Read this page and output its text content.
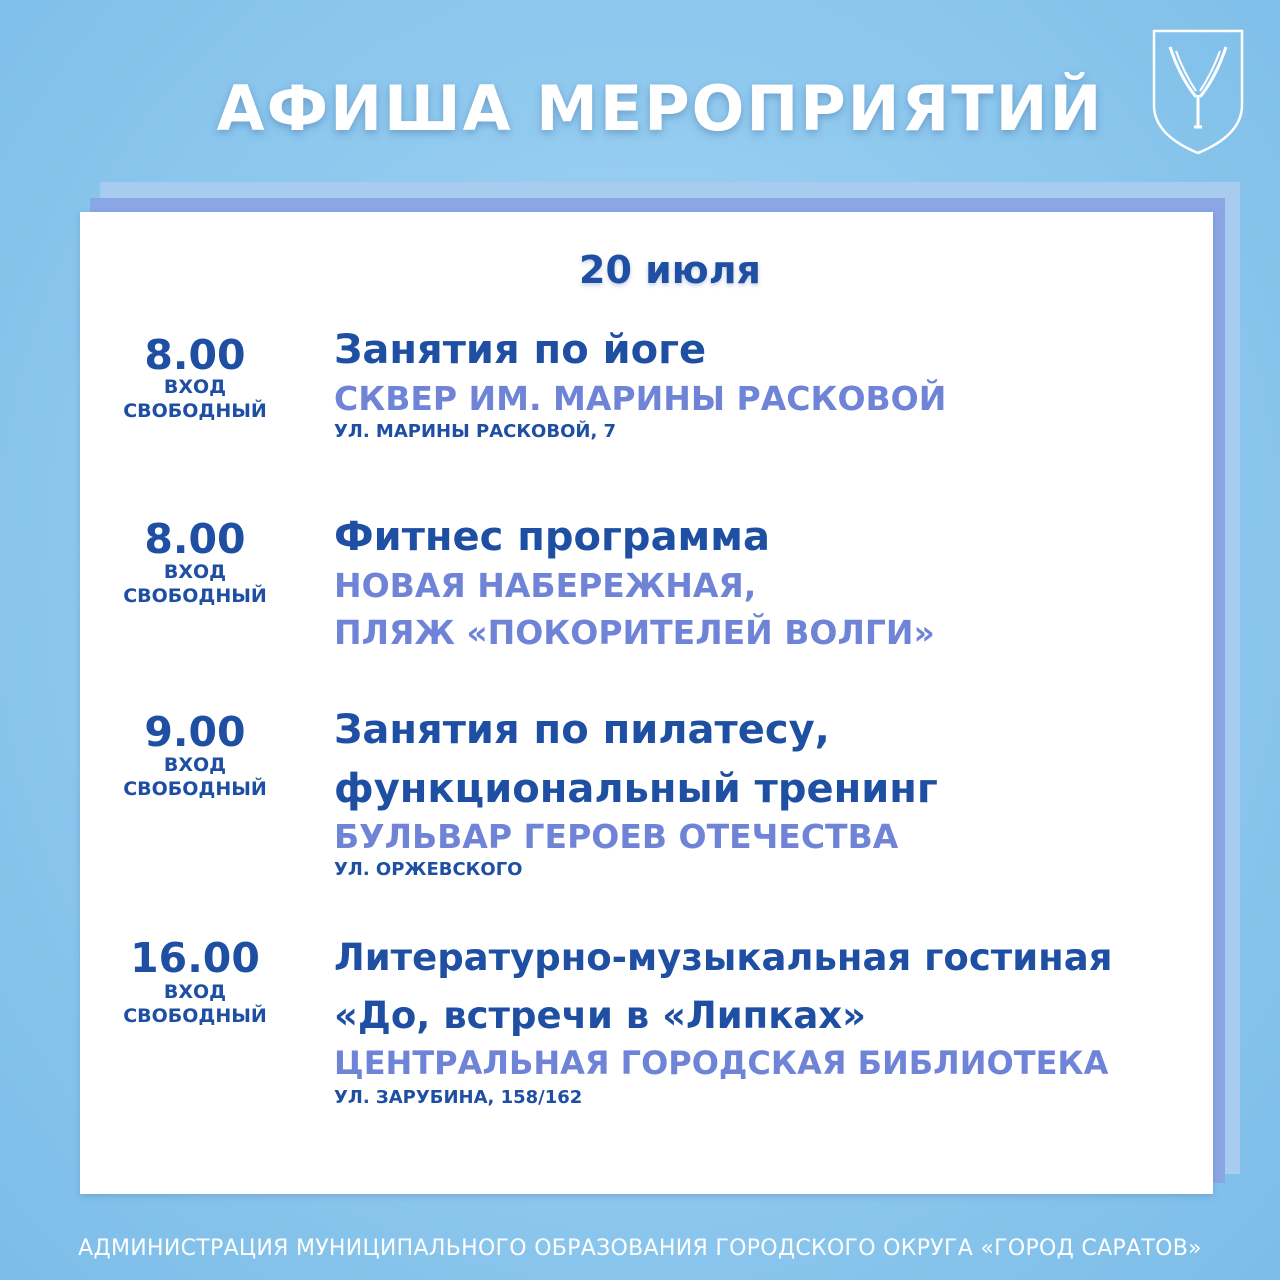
АФИША МЕРОПРИЯТИЙ
20 июля
8.00
ВХОД
СВОБОДНЫЙ
Занятия по йоге
СКВЕР ИМ. МАРИНЫ РАСКОВОЙ
УЛ. МАРИНЫ РАСКОВОЙ, 7
8.00
ВХОД
СВОБОДНЫЙ
Фитнес программа
НОВАЯ НАБЕРЕЖНАЯ,
ПЛЯЖ «ПОКОРИТЕЛЕЙ ВОЛГИ»
9.00
ВХОД
СВОБОДНЫЙ
Занятия по пилатесу,
функциональный тренинг
БУЛЬВАР ГЕРОЕВ ОТЕЧЕСТВА
УЛ. ОРЖЕВСКОГО
16.00
ВХОД
СВОБОДНЫЙ
Литературно-музыкальная гостиная
«До, встречи в «Липках»
ЦЕНТРАЛЬНАЯ ГОРОДСКАЯ БИБЛИОТЕКА
УЛ. ЗАРУБИНА, 158/162
АДМИНИСТРАЦИЯ МУНИЦИПАЛЬНОГО ОБРАЗОВАНИЯ ГОРОДСКОГО ОКРУГА «ГОРОД САРАТОВ»
